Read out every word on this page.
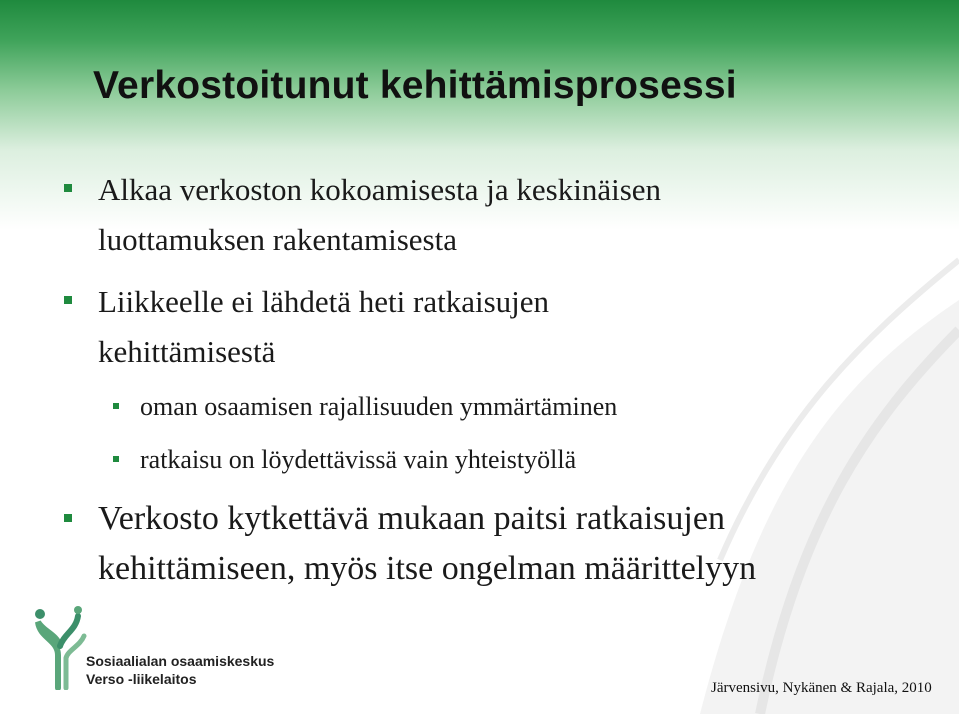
Verkostoitunut kehittämisprosessi
Alkaa verkoston kokoamisesta ja keskinäisen
luottamuksen rakentamisesta
Liikkeelle ei lähdetä heti ratkaisujen
kehittämisestä
oman osaamisen rajallisuuden ymmärtäminen
ratkaisu on löydettävissä vain yhteistyöllä
Verkosto kytkettävä mukaan paitsi ratkaisujen
kehittämiseen, myös itse ongelman määrittelyyn
Sosiaalialan osaamiskeskus
Verso -liikelaitos
Järvensivu, Nykänen & Rajala, 2010
